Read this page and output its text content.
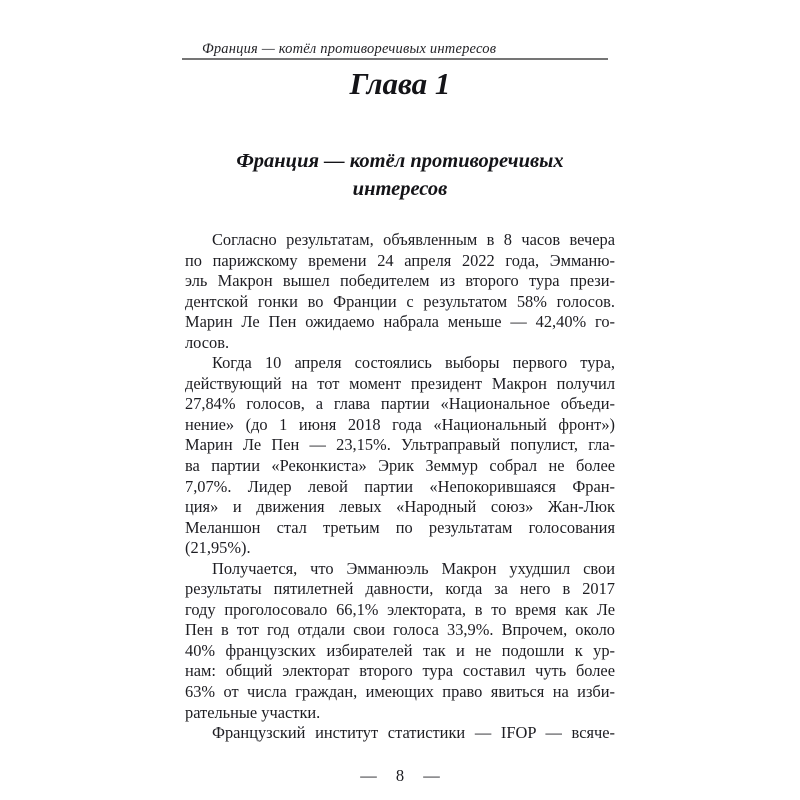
Франция — котёл противоречивых интересов
Глава 1
Франция — котёл противоречивых
интересов
Согласно результатам, объявленным в 8 часов вечера
по парижскому времени 24 апреля 2022 года, Эмманю-
эль Макрон вышел победителем из второго тура прези-
дентской гонки во Франции с результатом 58% голосов.
Марин Ле Пен ожидаемо набрала меньше — 42,40% го-
лосов.
Когда 10 апреля состоялись выборы первого тура,
действующий на тот момент президент Макрон получил
27,84% голосов, а глава партии «Национальное объеди-
нение» (до 1 июня 2018 года «Национальный фронт»)
Марин Ле Пен — 23,15%. Ультраправый популист, гла-
ва партии «Реконкиста» Эрик Земмур собрал не более
7,07%. Лидер левой партии «Непокорившаяся Фран-
ция» и движения левых «Народный союз» Жан-Люк
Меланшон стал третьим по результатам голосования
(21,95%).
Получается, что Эмманюэль Макрон ухудшил свои
результаты пятилетней давности, когда за него в 2017
году проголосовало 66,1% электората, в то время как Ле
Пен в тот год отдали свои голоса 33,9%. Впрочем, около
40% французских избирателей так и не подошли к ур-
нам: общий электорат второго тура составил чуть более
63% от числа граждан, имеющих право явиться на изби-
рательные участки.
Французский институт статистики — IFOP — всяче-
— 8 —
